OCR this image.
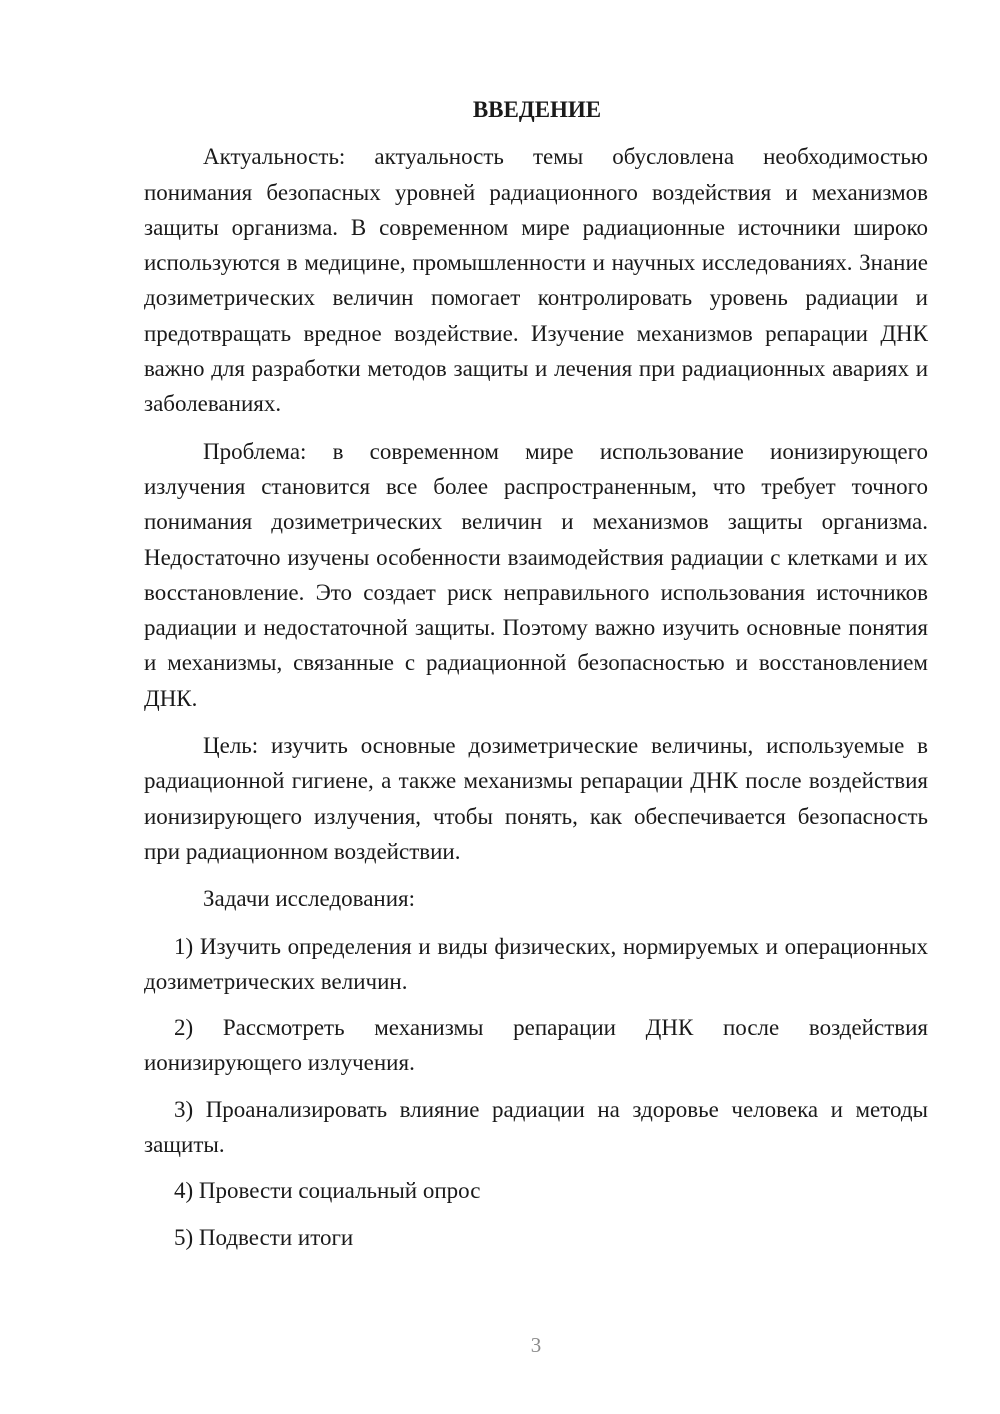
ВВЕДЕНИЕ

Актуальность: актуальность темы обусловлена необходимостью понимания безопасных уровней радиационного воздействия и механизмов защиты организма. В современном мире радиационные источники широко используются в медицине, промышленности и научных исследованиях. Знание дозиметрических величин помогает контролировать уровень радиации и предотвращать вредное воздействие. Изучение механизмов репарации ДНК важно для разработки методов защиты и лечения при радиационных авариях и заболеваниях.

Проблема: в современном мире использование ионизирующего излучения становится все более распространенным, что требует точного понимания дозиметрических величин и механизмов защиты организма. Недостаточно изучены особенности взаимодействия радиации с клетками и их восстановление. Это создает риск неправильного использования источников радиации и недостаточной защиты. Поэтому важно изучить основные понятия и механизмы, связанные с радиационной безопасностью и восстановлением ДНК.

Цель: изучить основные дозиметрические величины, используемые в радиационной гигиене, а также механизмы репарации ДНК после воздействия ионизирующего излучения, чтобы понять, как обеспечивается безопасность при радиационном воздействии.

Задачи исследования:

1) Изучить определения и виды физических, нормируемых и операционных дозиметрических величин.

2) Рассмотреть механизмы репарации ДНК после воздействия ионизирующего излучения.

3) Проанализировать влияние радиации на здоровье человека и методы защиты.

4) Провести социальный опрос

5) Подвести итоги

3
